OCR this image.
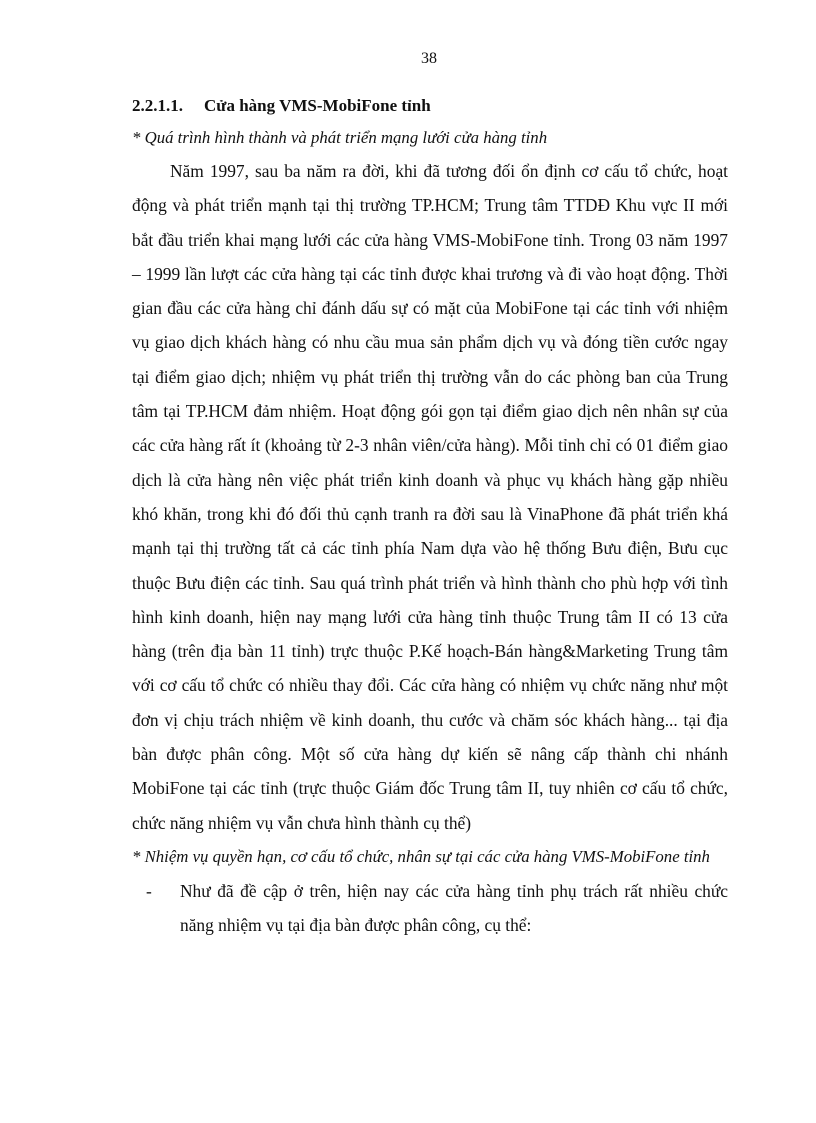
38

2.2.1.1. Cửa hàng VMS-MobiFone tỉnh

* Quá trình hình thành và phát triển mạng lưới cửa hàng tỉnh

Năm 1997, sau ba năm ra đời, khi đã tương đối ổn định cơ cấu tổ chức, hoạt động và phát triển mạnh tại thị trường TP.HCM; Trung tâm TTDĐ Khu vực II mới bắt đầu triển khai mạng lưới các cửa hàng VMS-MobiFone tỉnh. Trong 03 năm 1997 – 1999 lần lượt các cửa hàng tại các tỉnh được khai trương và đi vào hoạt động. Thời gian đầu các cửa hàng chỉ đánh dấu sự có mặt của MobiFone tại các tỉnh với nhiệm vụ giao dịch khách hàng có nhu cầu mua sản phẩm dịch vụ và đóng tiền cước ngay tại điểm giao dịch; nhiệm vụ phát triển thị trường vẫn do các phòng ban của Trung tâm tại TP.HCM đảm nhiệm. Hoạt động gói gọn tại điểm giao dịch nên nhân sự của các cửa hàng rất ít (khoảng từ 2-3 nhân viên/cửa hàng). Mỗi tỉnh chỉ có 01 điểm giao dịch là cửa hàng nên việc phát triển kinh doanh và phục vụ khách hàng gặp nhiều khó khăn, trong khi đó đối thủ cạnh tranh ra đời sau là VinaPhone đã phát triển khá mạnh tại thị trường tất cả các tỉnh phía Nam dựa vào hệ thống Bưu điện, Bưu cục thuộc Bưu điện các tỉnh. Sau quá trình phát triển và hình thành cho phù hợp với tình hình kinh doanh, hiện nay mạng lưới cửa hàng tỉnh thuộc Trung tâm II có 13 cửa hàng (trên địa bàn 11 tỉnh) trực thuộc P.Kế hoạch-Bán hàng&Marketing Trung tâm với cơ cấu tổ chức có nhiều thay đổi. Các cửa hàng có nhiệm vụ chức năng như một đơn vị chịu trách nhiệm về kinh doanh, thu cước và chăm sóc khách hàng... tại địa bàn được phân công. Một số cửa hàng dự kiến sẽ nâng cấp thành chi nhánh MobiFone tại các tỉnh (trực thuộc Giám đốc Trung tâm II, tuy nhiên cơ cấu tổ chức, chức năng nhiệm vụ vẫn chưa hình thành cụ thể)

* Nhiệm vụ quyền hạn, cơ cấu tổ chức, nhân sự tại các cửa hàng VMS-MobiFone tỉnh

- Như đã đề cập ở trên, hiện nay các cửa hàng tỉnh phụ trách rất nhiều chức năng nhiệm vụ tại địa bàn được phân công, cụ thể:
